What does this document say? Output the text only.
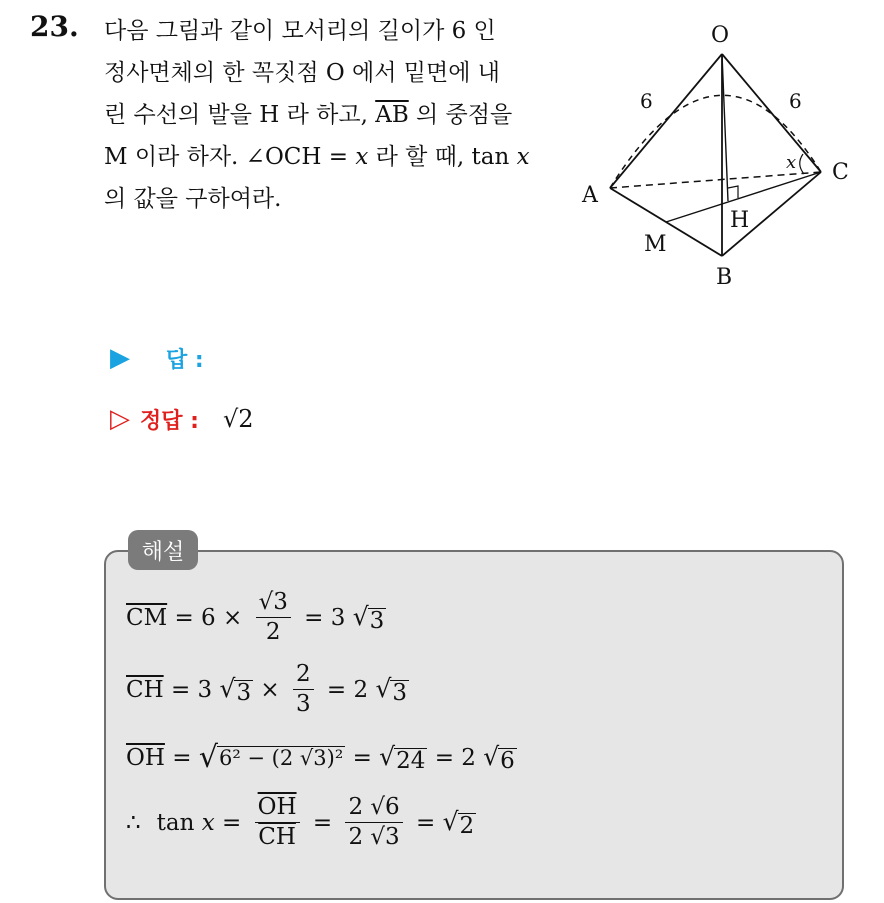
23. 다음 그림과 같이 모서리의 길이가 6 인
정사면체의 한 꼭짓점 O 에서 밑면에 내
린 수선의 발을 H 라 하고, $\overline{AB}$ 의 중점을
M 이라 하자. ∠OCH = x 라 할 때, tan x
의 값을 구하여라.
O
A
B
C
H
M
6	6
x
▶ 답 :
▷ 정답 : √2
해설
$\overline{CM} = 6 \times \frac{√3}{2} = 3$ √ 3
$\overline{CH} = 3$ √ $3 \times \frac{2}{3} = 2$ √ 3
$\overline{OH}$ = √ 6² − (2 √3)² = √ 24 = 2 √ 6
∴ $\tan x = \frac{\overline{OH}}{CH} = \frac{2 √6}{2 √3}$ = √ 2
